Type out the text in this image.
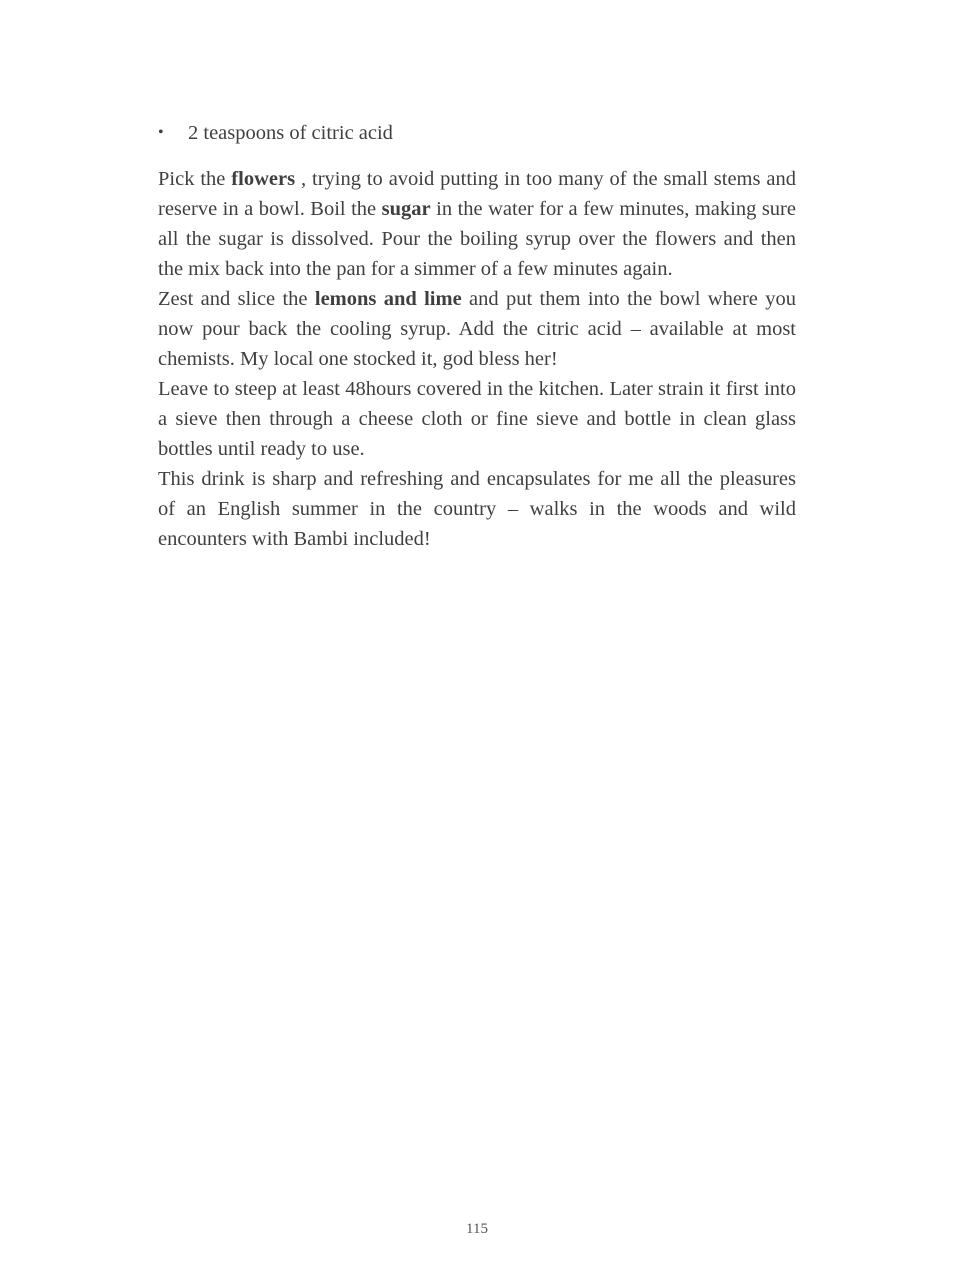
• 2 teaspoons of citric acid

Pick the flowers , trying to avoid putting in too many of the small stems and reserve in a bowl. Boil the sugar in the water for a few minutes, making sure all the sugar is dissolved. Pour the boiling syrup over the flowers and then the mix back into the pan for a simmer of a few minutes again.

Zest and slice the lemons and lime and put them into the bowl where you now pour back the cooling syrup. Add the citric acid – available at most chemists. My local one stocked it, god bless her!

Leave to steep at least 48hours covered in the kitchen. Later strain it first into a sieve then through a cheese cloth or fine sieve and bottle in clean glass bottles until ready to use.

This drink is sharp and refreshing and encapsulates for me all the pleasures of an English summer in the country – walks in the woods and wild encounters with Bambi included!

115
